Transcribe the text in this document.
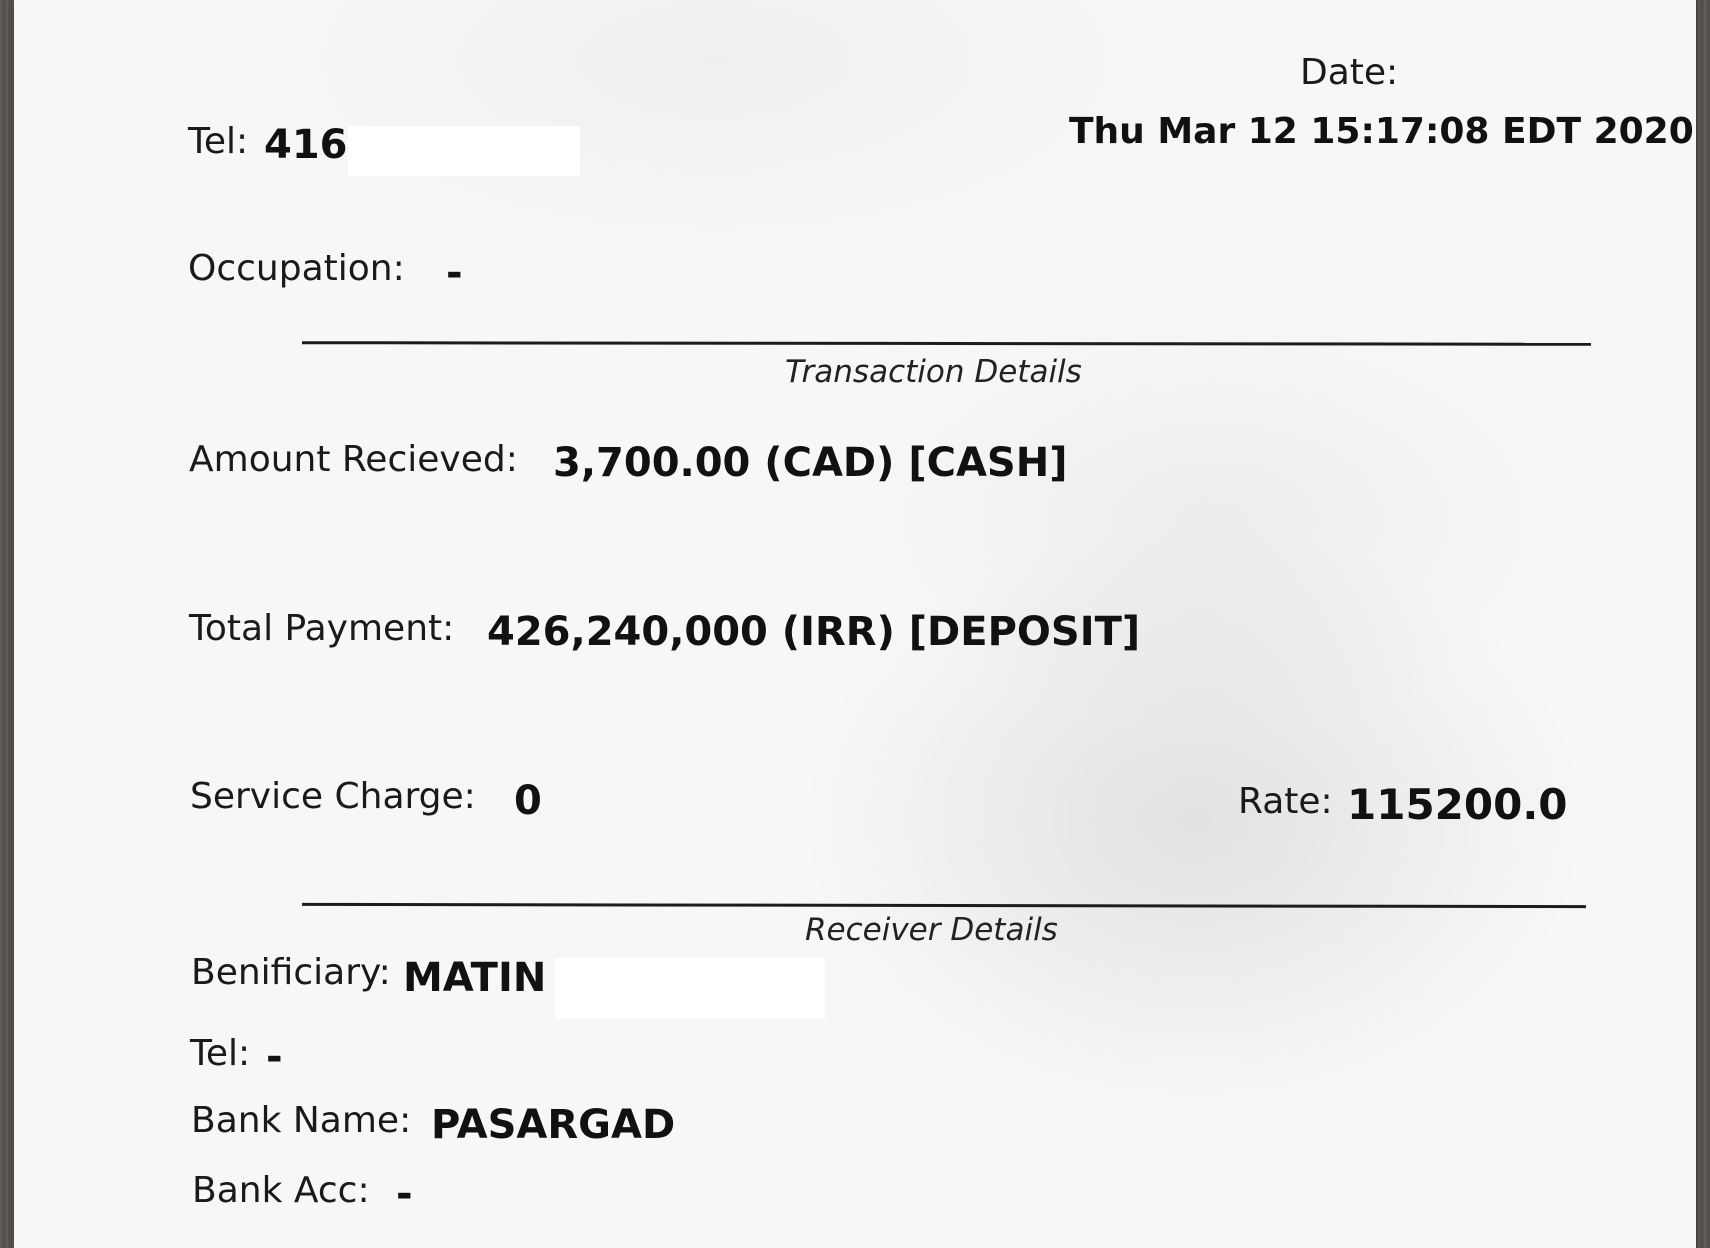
Date:
Thu Mar 12 15:17:08 EDT 2020
Tel: 416
Occupation: -
Transaction Details
Amount Recieved: 3,700.00 (CAD) [CASH]
Total Payment: 426,240,000 (IRR) [DEPOSIT]
Service Charge: 0	Rate: 115200.0
Receiver Details
Benificiary: MATIN
Tel: -
Bank Name: PASARGAD
Bank Acc: -
